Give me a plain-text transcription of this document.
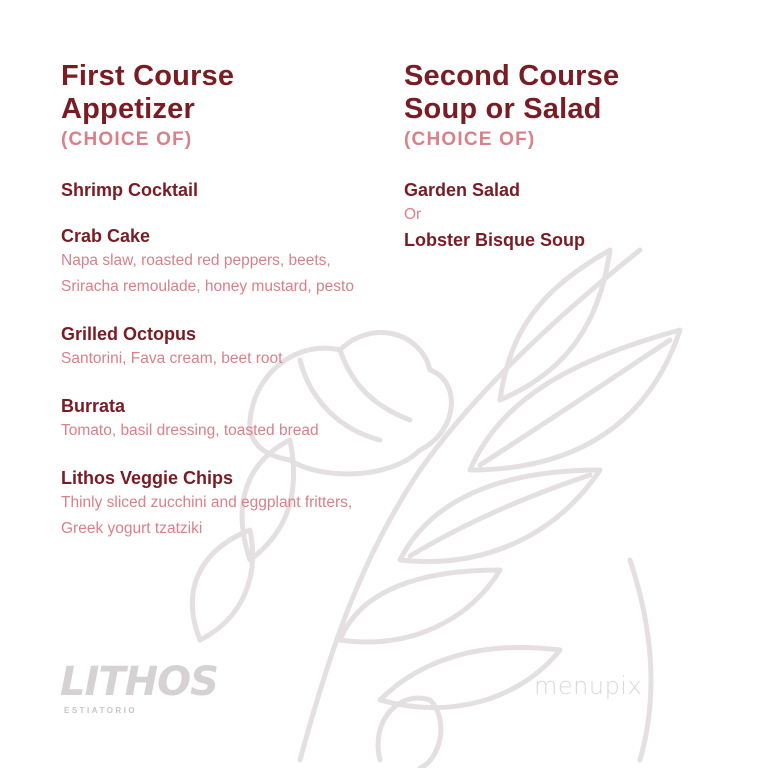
First Course
Appetizer
(CHOICE OF)
Shrimp Cocktail
Crab Cake
Napa slaw, roasted red peppers, beets, Sriracha remoulade, honey mustard, pesto
Grilled Octopus
Santorini, Fava cream, beet root
Burrata
Tomato, basil dressing, toasted bread
Lithos Veggie Chips
Thinly sliced zucchini and eggplant fritters, Greek yogurt tzatziki
Second Course
Soup or Salad
(CHOICE OF)
Garden Salad
Or
Lobster Bisque Soup
LITHOS
ESTIATORIO
menupix
